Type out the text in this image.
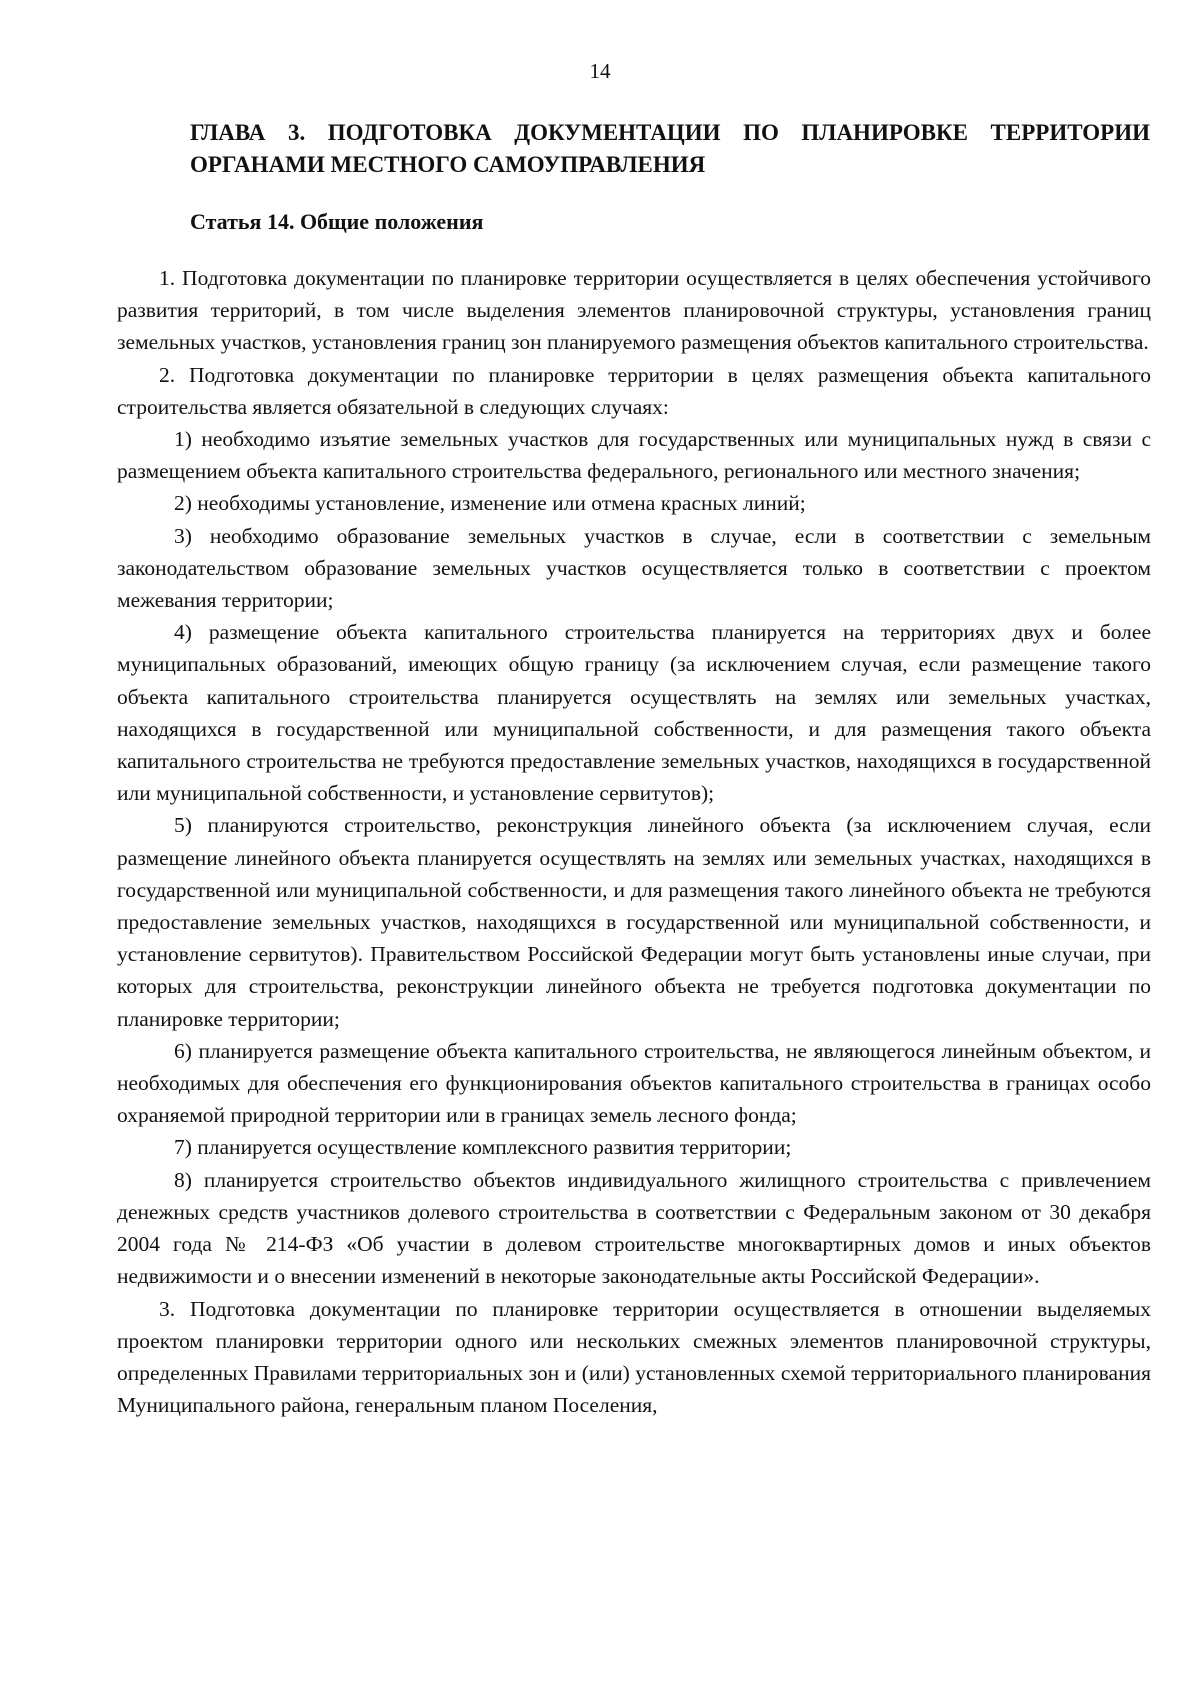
14
ГЛАВА 3. ПОДГОТОВКА ДОКУМЕНТАЦИИ ПО ПЛАНИРОВКЕ ТЕРРИТОРИИ ОРГАНАМИ МЕСТНОГО САМОУПРАВЛЕНИЯ
Статья 14. Общие положения

1. Подготовка документации по планировке территории осуществляется в целях обеспечения устойчивого развития территорий, в том числе выделения элементов планировочной структуры, установления границ земельных участков, установления границ зон планируемого размещения объектов капитального строительства.

2. Подготовка документации по планировке территории в целях размещения объекта капитального строительства является обязательной в следующих случаях:

1) необходимо изъятие земельных участков для государственных или муниципальных нужд в связи с размещением объекта капитального строительства федерального, регионального или местного значения;

2) необходимы установление, изменение или отмена красных линий;

3) необходимо образование земельных участков в случае, если в соответствии с земельным законодательством образование земельных участков осуществляется только в соответствии с проектом межевания территории;

4) размещение объекта капитального строительства планируется на территориях двух и более муниципальных образований, имеющих общую границу (за исключением случая, если размещение такого объекта капитального строительства планируется осуществлять на землях или земельных участках, находящихся в государственной или муниципальной собственности, и для размещения такого объекта капитального строительства не требуются предоставление земельных участков, находящихся в государственной или муниципальной собственности, и установление сервитутов);

5) планируются строительство, реконструкция линейного объекта (за исключением случая, если размещение линейного объекта планируется осуществлять на землях или земельных участках, находящихся в государственной или муниципальной собственности, и для размещения такого линейного объекта не требуются предоставление земельных участков, находящихся в государственной или муниципальной собственности, и установление сервитутов). Правительством Российской Федерации могут быть установлены иные случаи, при которых для строительства, реконструкции линейного объекта не требуется подготовка документации по планировке территории;

6) планируется размещение объекта капитального строительства, не являющегося линейным объектом, и необходимых для обеспечения его функционирования объектов капитального строительства в границах особо охраняемой природной территории или в границах земель лесного фонда;

7) планируется осуществление комплексного развития территории;

8) планируется строительство объектов индивидуального жилищного строительства с привлечением денежных средств участников долевого строительства в соответствии с Федеральным законом от 30 декабря 2004 года № 214-ФЗ «Об участии в долевом строительстве многоквартирных домов и иных объектов недвижимости и о внесении изменений в некоторые законодательные акты Российской Федерации».

3. Подготовка документации по планировке территории осуществляется в отношении выделяемых проектом планировки территории одного или нескольких смежных элементов планировочной структуры, определенных Правилами территориальных зон и (или) установленных схемой территориального планирования Муниципального района, генеральным планом Поселения,
